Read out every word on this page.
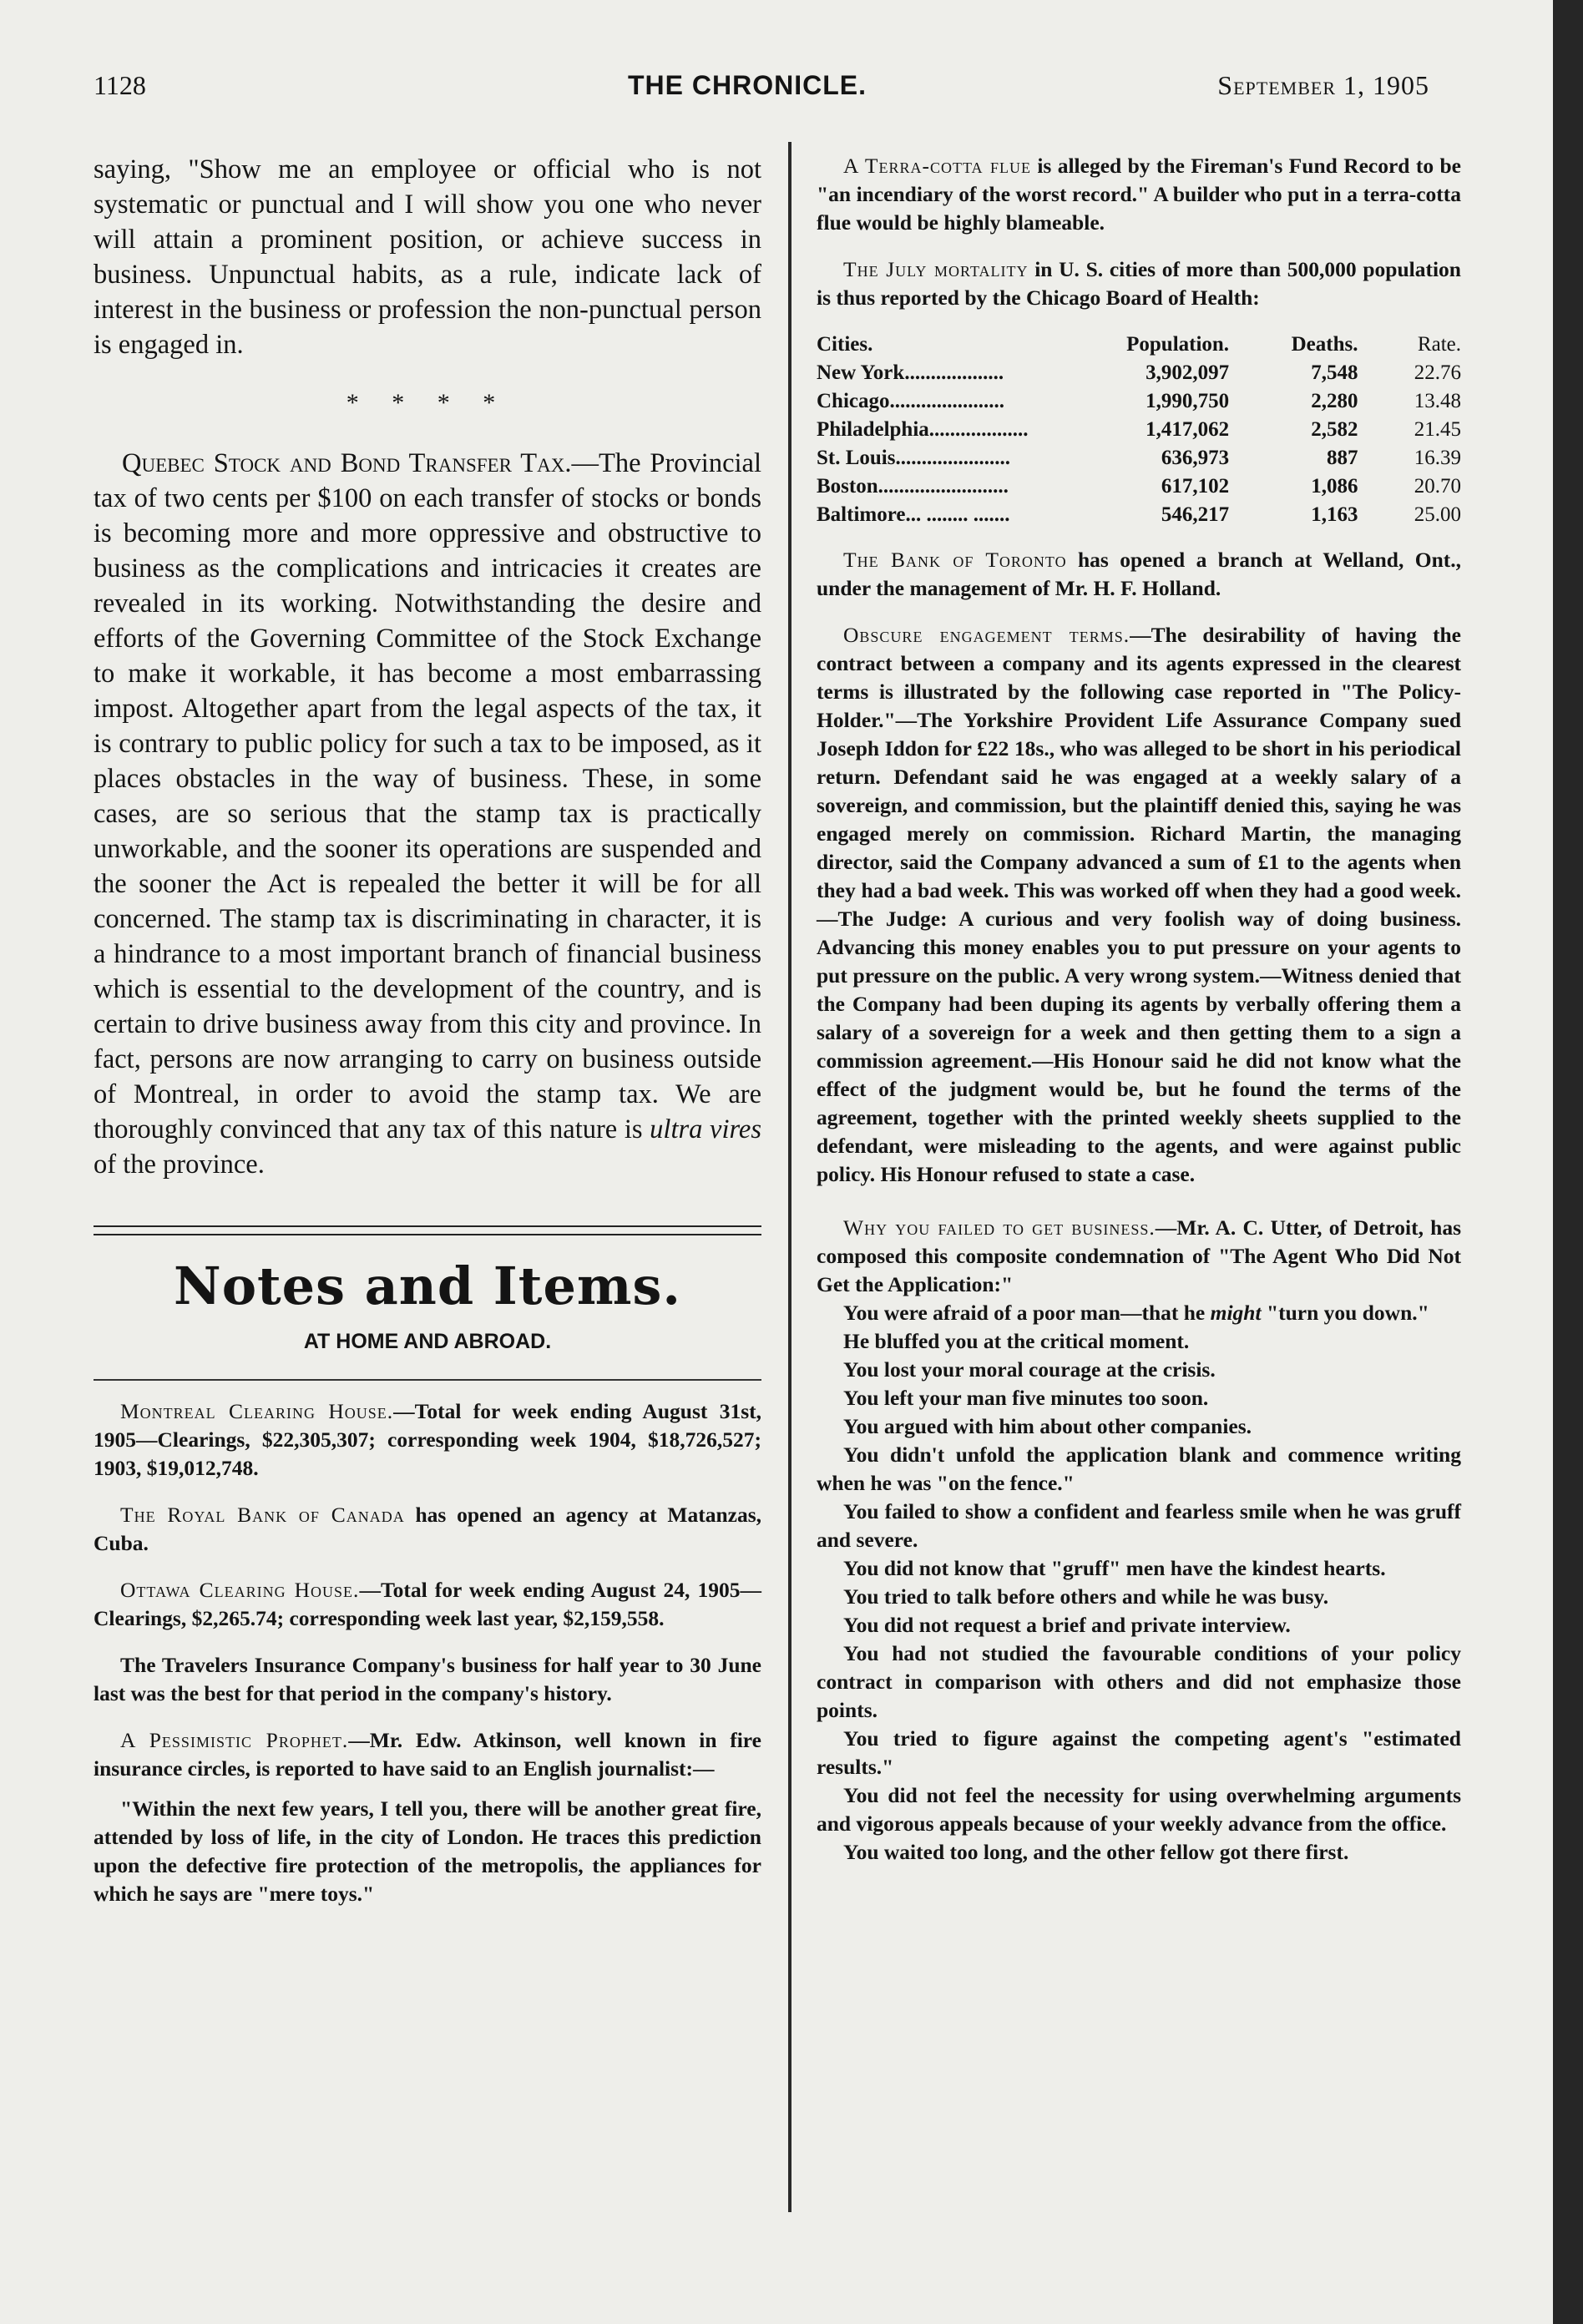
1128	THE CHRONICLE.	September 1, 1905

saying, "Show me an employee or official who is not systematic or punctual and I will show you one who never will attain a prominent position, or achieve success in business. Unpunctual habits, as a rule, indicate lack of interest in the business or profession the non-punctual person is engaged in.

* * * *

Quebec Stock and Bond Transfer Tax.—The Provincial tax of two cents per $100 on each transfer of stocks or bonds is becoming more and more oppressive and obstructive to business as the complications and intricacies it creates are revealed in its working. Notwithstanding the desire and efforts of the Governing Committee of the Stock Exchange to make it workable, it has become a most embarrassing impost. Altogether apart from the legal aspects of the tax, it is contrary to public policy for such a tax to be imposed, as it places obstacles in the way of business. These, in some cases, are so serious that the stamp tax is practically unworkable, and the sooner its operations are suspended and the sooner the Act is repealed the better it will be for all concerned. The stamp tax is discriminating in character, it is a hindrance to a most important branch of financial business which is essential to the development of the country, and is certain to drive business away from this city and province. In fact, persons are now arranging to carry on business outside of Montreal, in order to avoid the stamp tax. We are thoroughly convinced that any tax of this nature is ultra vires of the province.

Notes and Items.
AT HOME AND ABROAD.

Montreal Clearing House.—Total for week ending August 31st, 1905—Clearings, $22,305,307; corresponding week 1904, $18,726,527; 1903, $19,012,748.

The Royal Bank of Canada has opened an agency at Matanzas, Cuba.

Ottawa Clearing House.—Total for week ending August 24, 1905—Clearings, $2,265.74; corresponding week last year, $2,159,558.

The Travelers Insurance Company's business for half year to 30 June last was the best for that period in the company's history.

A Pessimistic Prophet.—Mr. Edw. Atkinson, well known in fire insurance circles, is reported to have said to an English journalist:—

"Within the next few years, I tell you, there will be another great fire, attended by loss of life, in the city of London. He traces this prediction upon the defective fire protection of the metropolis, the appliances for which he says are "mere toys."

A Terra-cotta flue is alleged by the Fireman's Fund Record to be "an incendiary of the worst record." A builder who put in a terra-cotta flue would be highly blameable.

The July mortality in U. S. cities of more than 500,000 population is thus reported by the Chicago Board of Health:

Cities.	Population.	Deaths.	Rate.
New York...................	3,902,097	7,548	22.76
Chicago......................	1,990,750	2,280	13.48
Philadelphia...................	1,417,062	2,582	21.45
St. Louis......................	636,973	887	16.39
Boston.........................	617,102	1,086	20.70
Baltimore... ........ .......	546,217	1,163	25.00

The Bank of Toronto has opened a branch at Welland, Ont., under the management of Mr. H. F. Holland.

Obscure engagement terms.—The desirability of having the contract between a company and its agents expressed in the clearest terms is illustrated by the following case reported in "The Policy-Holder."—The Yorkshire Provident Life Assurance Company sued Joseph Iddon for £22 18s., who was alleged to be short in his periodical return. Defendant said he was engaged at a weekly salary of a sovereign, and commission, but the plaintiff denied this, saying he was engaged merely on commission. Richard Martin, the managing director, said the Company advanced a sum of £1 to the agents when they had a bad week. This was worked off when they had a good week.—The Judge: A curious and very foolish way of doing business. Advancing this money enables you to put pressure on your agents to put pressure on the public. A very wrong system.—Witness denied that the Company had been duping its agents by verbally offering them a salary of a sovereign for a week and then getting them to a sign a commission agreement.—His Honour said he did not know what the effect of the judgment would be, but he found the terms of the agreement, together with the printed weekly sheets supplied to the defendant, were misleading to the agents, and were against public policy. His Honour refused to state a case.

Why you failed to get business.—Mr. A. C. Utter, of Detroit, has composed this composite condemnation of "The Agent Who Did Not Get the Application:"

You were afraid of a poor man—that he might "turn you down."

He bluffed you at the critical moment.

You lost your moral courage at the crisis.

You left your man five minutes too soon.

You argued with him about other companies.

You didn't unfold the application blank and commence writing when he was "on the fence."

You failed to show a confident and fearless smile when he was gruff and severe.

You did not know that "gruff" men have the kindest hearts.

You tried to talk before others and while he was busy.

You did not request a brief and private interview.

You had not studied the favourable conditions of your policy contract in comparison with others and did not emphasize those points.

You tried to figure against the competing agent's "estimated results."

You did not feel the necessity for using overwhelming arguments and vigorous appeals because of your weekly advance from the office.

You waited too long, and the other fellow got there first.
